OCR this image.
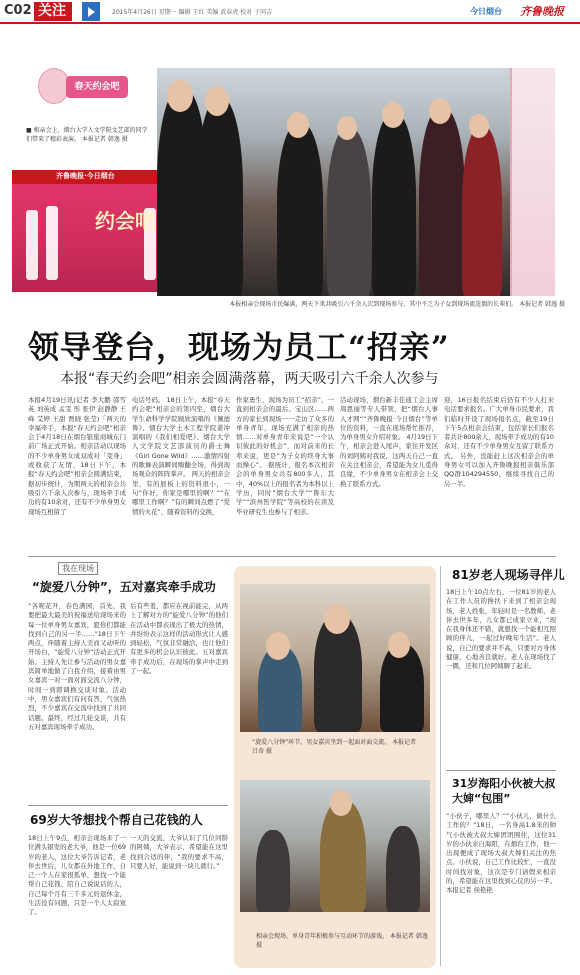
C02 关注	2015年4月26日 星期一 编辑 王红 美编 武春虎 校对 于同吉	今日烟台 齐鲁晚报
春天约会吧
■ 相亲会上，烟台大学人文学院文艺部的同学们带来了精彩表演。 本报记者 韩逸 摄
齐鲁晚报·今日烟台
约会吧
本报相亲会现场市民爆满，两天下来共吸引六千余人次到现场参与，其中不乏为子女到现场流连偶的长辈们。 本报记者 韩逸 摄
领导登台，现场为员工“招亲”
本报“春天约会吧”相亲会圆满落幕，两天吸引六千余人次参与
本报4月19日讯(记者 李大鹏 邵雪英 刘英成 孟雯 彤 张伊 赵静静 王峰 艾婷 王甜 贾晓 张莹)「两天的幸福牵手，本报“春天约会吧”相亲会于4月18日在烟台银座商城东门前广场正式开始。相亲活动以现场的不少单身男女成双成对「变身」或收获了友情，18日下午，本报“春天约会吧”相亲会圆满结束，据初步统计，为期两天的相亲会共吸引六千余人次参与，现场牵手成功的有10余对，还有不少单身男女现场互相留了
电话号码。 18日上午，本报“春天约会吧”相亲会的第四至，烟台大学生命科学学院顾欣演唱的《佩德鲁》、烟台大学土木工程学院姜冲演唱的《我们相爱吧》、烟台大学人文学院文艺部演员的爵士舞《Girl Gone Wild》……激情四射的歌舞表演瞬间嗨翻全场，得到现场观众的阵阵掌声。 两天的相亲会里，有的展板上的资料很小，一句“你好，你家是哪里的啊？”“在哪里工作啊？”有的瞬间点燃了“爱情的火花”，随着资料的交换，
作家勇生，现场为员工“招亲”，一直到相亲会的最后。宝山区……两方的家长到现场一一走访了众多的单身青年，现场充满了相亲的热情……对单身青年来说是“一个认识彼此的好机会”，而对前来的长辈来说，更是“为子女的终身大事而操心”。 据统计，报名本次相亲会的单身男女共有800多人，其中，40%以上的报名者为本科以上学历，同时“烟台大学”“鲁东大学”“滨州医学院”等高校的在读及毕业研究生也参与了相亲。
活动现场，烟台新丰佳通工会主席周恩丽等专人带领，把“烟台人事人才网”“齐鲁晚报·今日烟台”等单位的资料，一直在现场帮忙推荐，为单身男女介绍对象。 4月19日下午，相亲会进入尾声，家住开发区的刘阿姨对我说，这两天自己一直在关注相亲会，希望能为女儿觅得良缘，不少单身男女在相亲会上交换了联系方式。
迎，16日报名结束后仍有不少人打来电话要求报名。广大单身市民要求，我们临时开设了现场报名点，截至19日下午5点相亲会结束，包括家长们报名者共计800余人，现场牵手成功的有10余对，还有不少单身男女互留了联系方式。 另外，没能赶上这次相亲会的单身男女可以加入齐鲁晚报相亲俱乐部QQ群104294550，继续寻找自己的另一半。
我在现场
“旋爱八分钟”，五对嘉宾牵手成功
“各呢花开，春色满园，首先，我要把最大最美的祝福送给现场来的每一位单身男女嘉宾，愿你们都能找到自己的另一半……”18日下午两点，伴随着主持人美而又动听的开场白，“旋爱八分钟”活动正式开始。主持人先让参与活动的男女嘉宾简单地做了自我介绍，接着由男女嘉宾一对一面对面交流八分钟，时间一到即调换交谈对象。活动中，男女嘉宾们有问有答，气氛热烈，不少嘉宾在交流中找到了共同话题。最终，经过几轮交谈，共有五对嘉宾现场牵手成功。
后有些羞，都应在视前能完，从两上了解对方的“旋爱八分钟”的他们在活动中都表现出了极大的热情，并纷纷表示这样的活动形式让人感到轻松，气氛非常融洽，也让他们有更多的机会认识彼此。五对嘉宾牵手成功后，在现场的掌声中走到了一起。
69岁大爷想找个帮自己花钱的人
18日上午9点，相亲会现场来了一位满头银发的老大爷，他是一位69岁的老人，这位大爷告诉记者，老伴去世后，儿女都在外地工作，自己一个人在家很孤单，想找一个能帮自己花钱、陪自己说说话的人，自己每个月有三千多元的退休金，生活没有问题，只是一个人太寂寞了。
一天的交流，大爷认识了几位同龄的阿姨，大爷表示，希望能在这里找到合适的伴，“我的要求不高，只要人好，能说到一块儿就行。”
“旋爱八分钟”环节，男女嘉宾坐到一起面对面交流。 本报记者 吕奇 摄
相亲会现场，单身青年积极参与互动环节的游戏。 本报记者 韩逸 摄
81岁老人现场寻伴儿
18日上午10点左右，一位81岁的老人在工作人员的搀扶下来到了相亲会现场，老人姓张，年轻时是一名教师，老伴去世多年，儿女都已成家立业，“现在我身体还不错，就想找一个能相互照顾的伴儿，一起过好晚年生活”。老人说，自己的要求并不高，只要对方身体健康、心地善良就好。老人在现场找了一圈，还和几位阿姨聊了起来。
31岁海阳小伙被大叔大婶“包围”
“小伙子，哪里人？”“小伙儿，做什么工作的？”18日，一名身高1.8米的帅气小伙被大叔大婶团团围住，这位31岁的小伙来自海阳，在烟台工作，他一出现便成了现场大叔大婶们关注的焦点。小伙说，自己工作比较忙，一直没时间找对象，这次是专门请假来相亲的，希望能在这里找到心仪的另一半。 本报记者 侯艳艳
